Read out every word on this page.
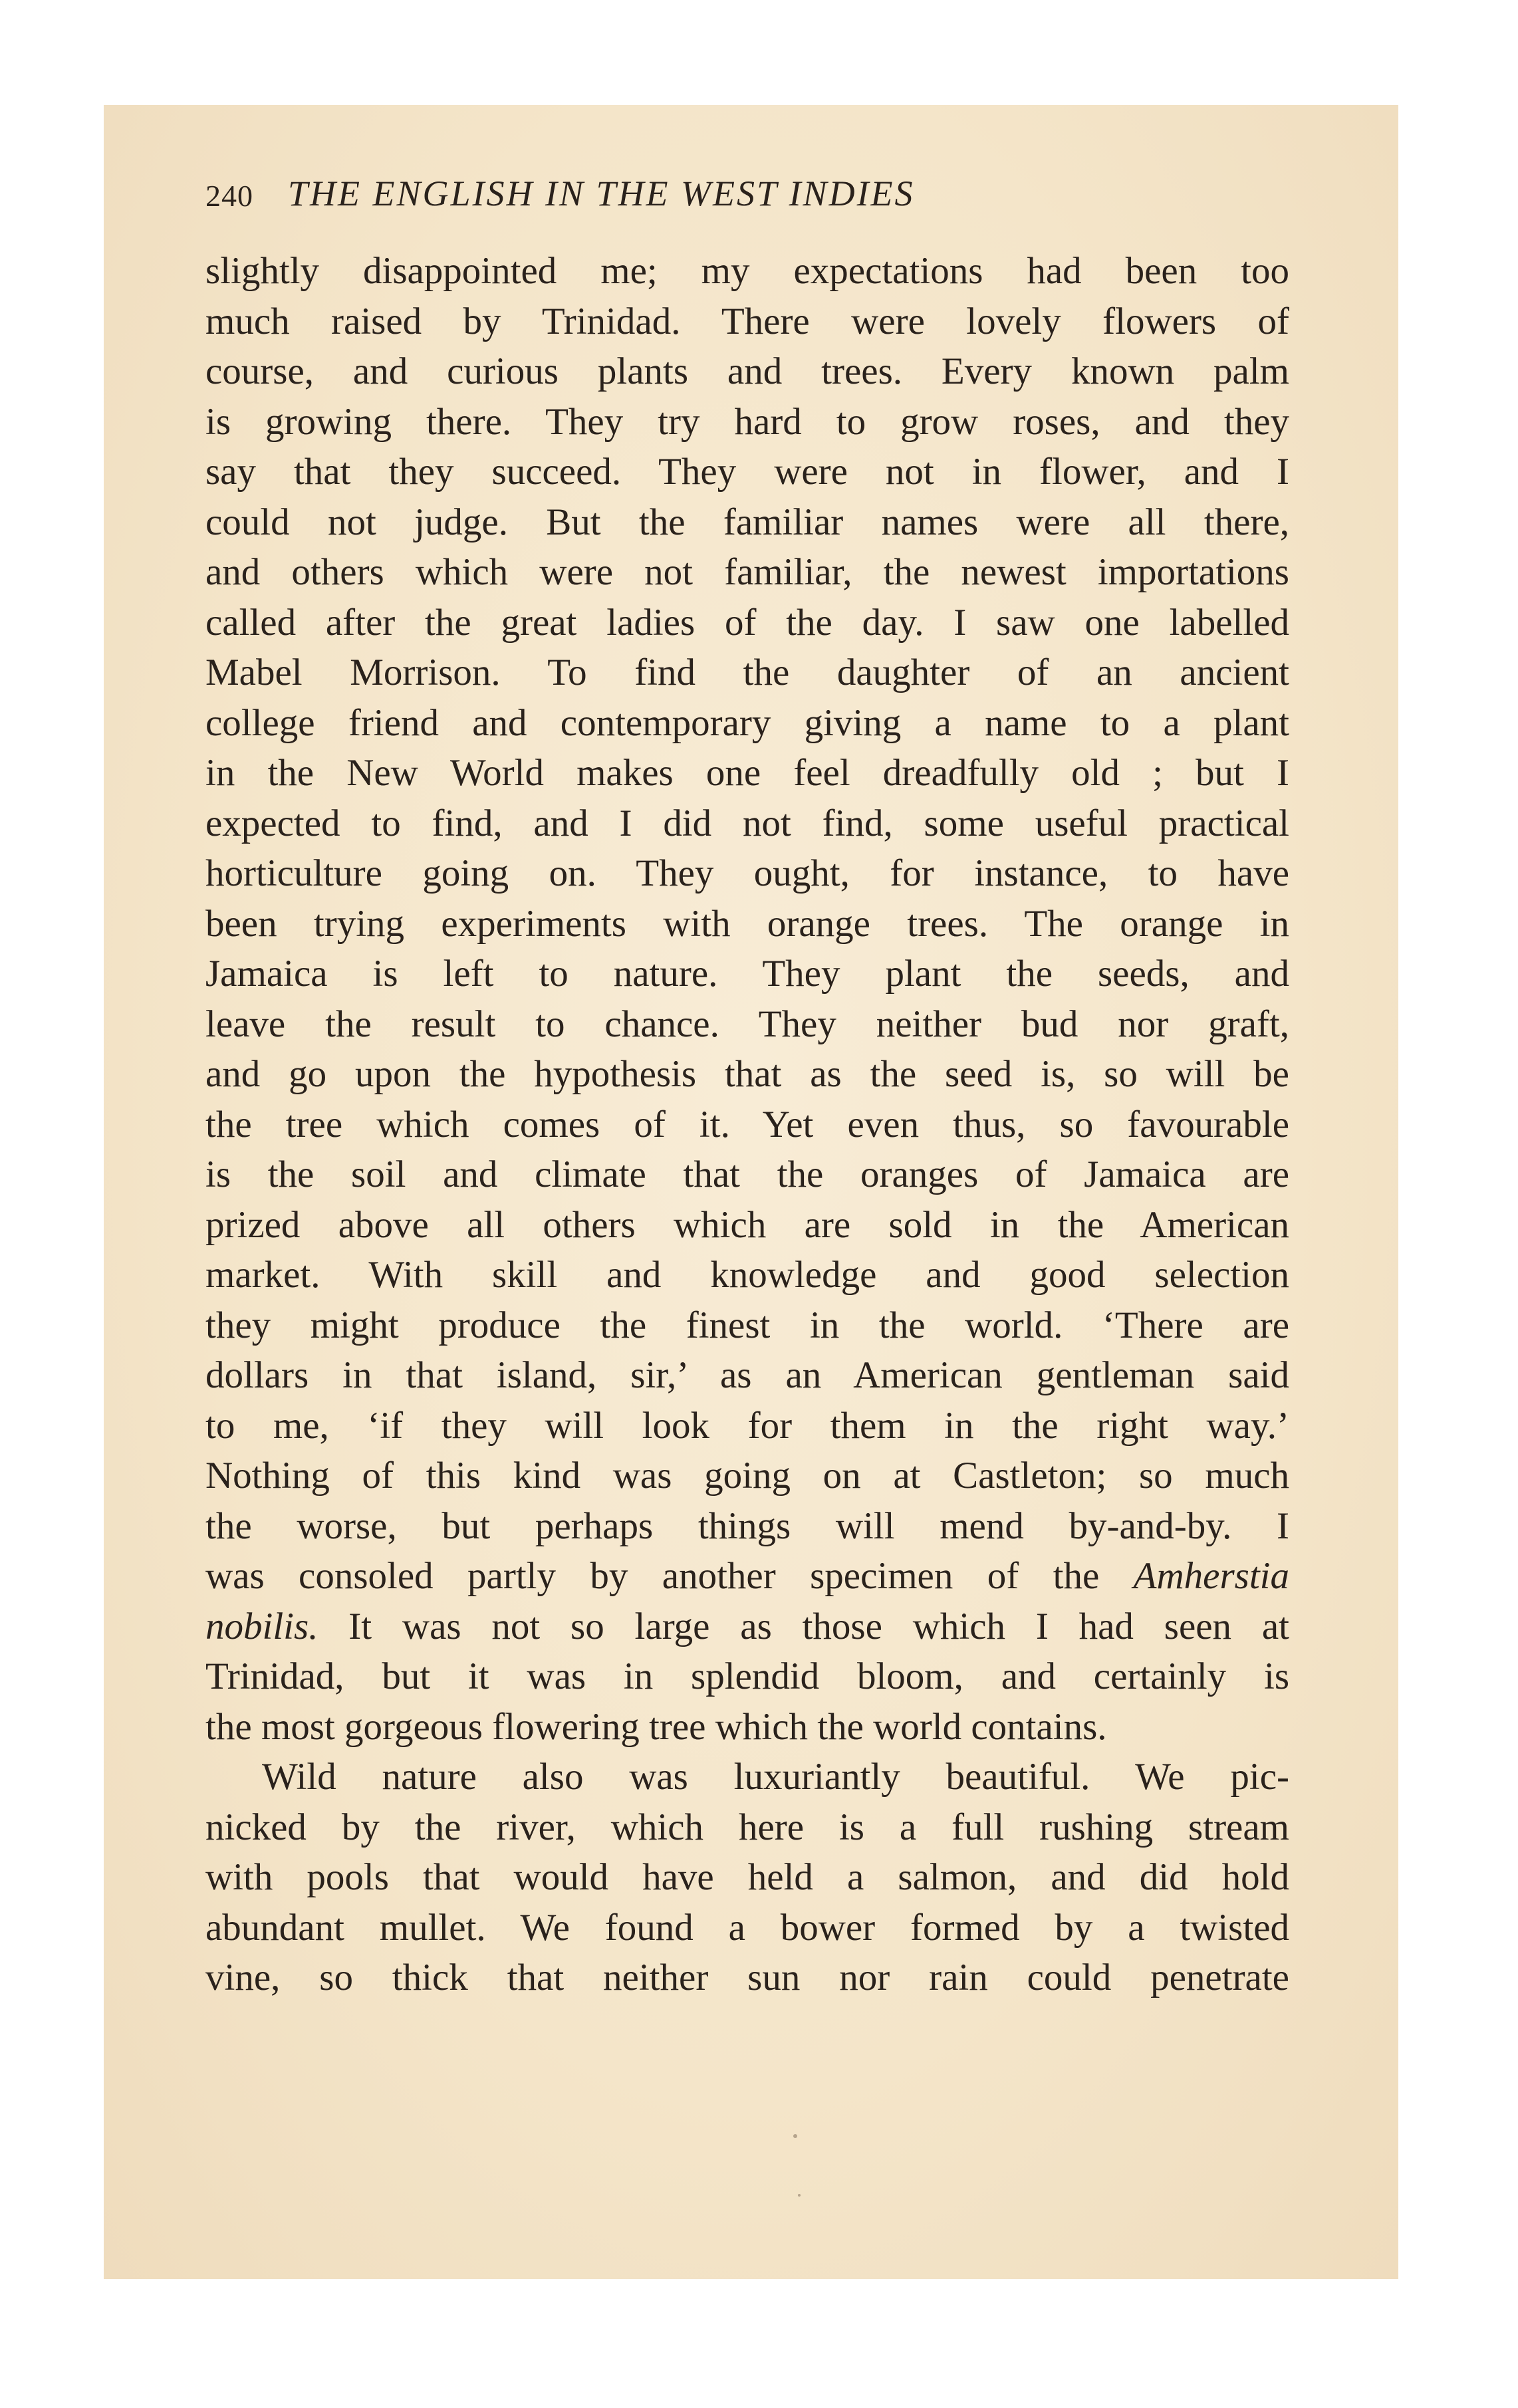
240 THE ENGLISH IN THE WEST INDIES
slightly disappointed me; my expectations had been too
much raised by Trinidad. There were lovely flowers of
course, and curious plants and trees. Every known palm
is growing there. They try hard to grow roses, and they
say that they succeed. They were not in flower, and I
could not judge. But the familiar names were all there,
and others which were not familiar, the newest importations
called after the great ladies of the day. I saw one labelled
Mabel Morrison. To find the daughter of an ancient
college friend and contemporary giving a name to a plant
in the New World makes one feel dreadfully old ; but I
expected to find, and I did not find, some useful practical
horticulture going on. They ought, for instance, to have
been trying experiments with orange trees. The orange in
Jamaica is left to nature. They plant the seeds, and
leave the result to chance. They neither bud nor graft,
and go upon the hypothesis that as the seed is, so will be
the tree which comes of it. Yet even thus, so favourable
is the soil and climate that the oranges of Jamaica are
prized above all others which are sold in the American
market. With skill and knowledge and good selection
they might produce the finest in the world. ‘There are
dollars in that island, sir,’ as an American gentleman said
to me, ‘if they will look for them in the right way.’
Nothing of this kind was going on at Castleton; so much
the worse, but perhaps things will mend by-and-by. I
was consoled partly by another specimen of the Amherstia
nobilis. It was not so large as those which I had seen at
Trinidad, but it was in splendid bloom, and certainly is
the most gorgeous flowering tree which the world contains.
Wild nature also was luxuriantly beautiful. We pic-
nicked by the river, which here is a full rushing stream
with pools that would have held a salmon, and did hold
abundant mullet. We found a bower formed by a twisted
vine, so thick that neither sun nor rain could penetrate
